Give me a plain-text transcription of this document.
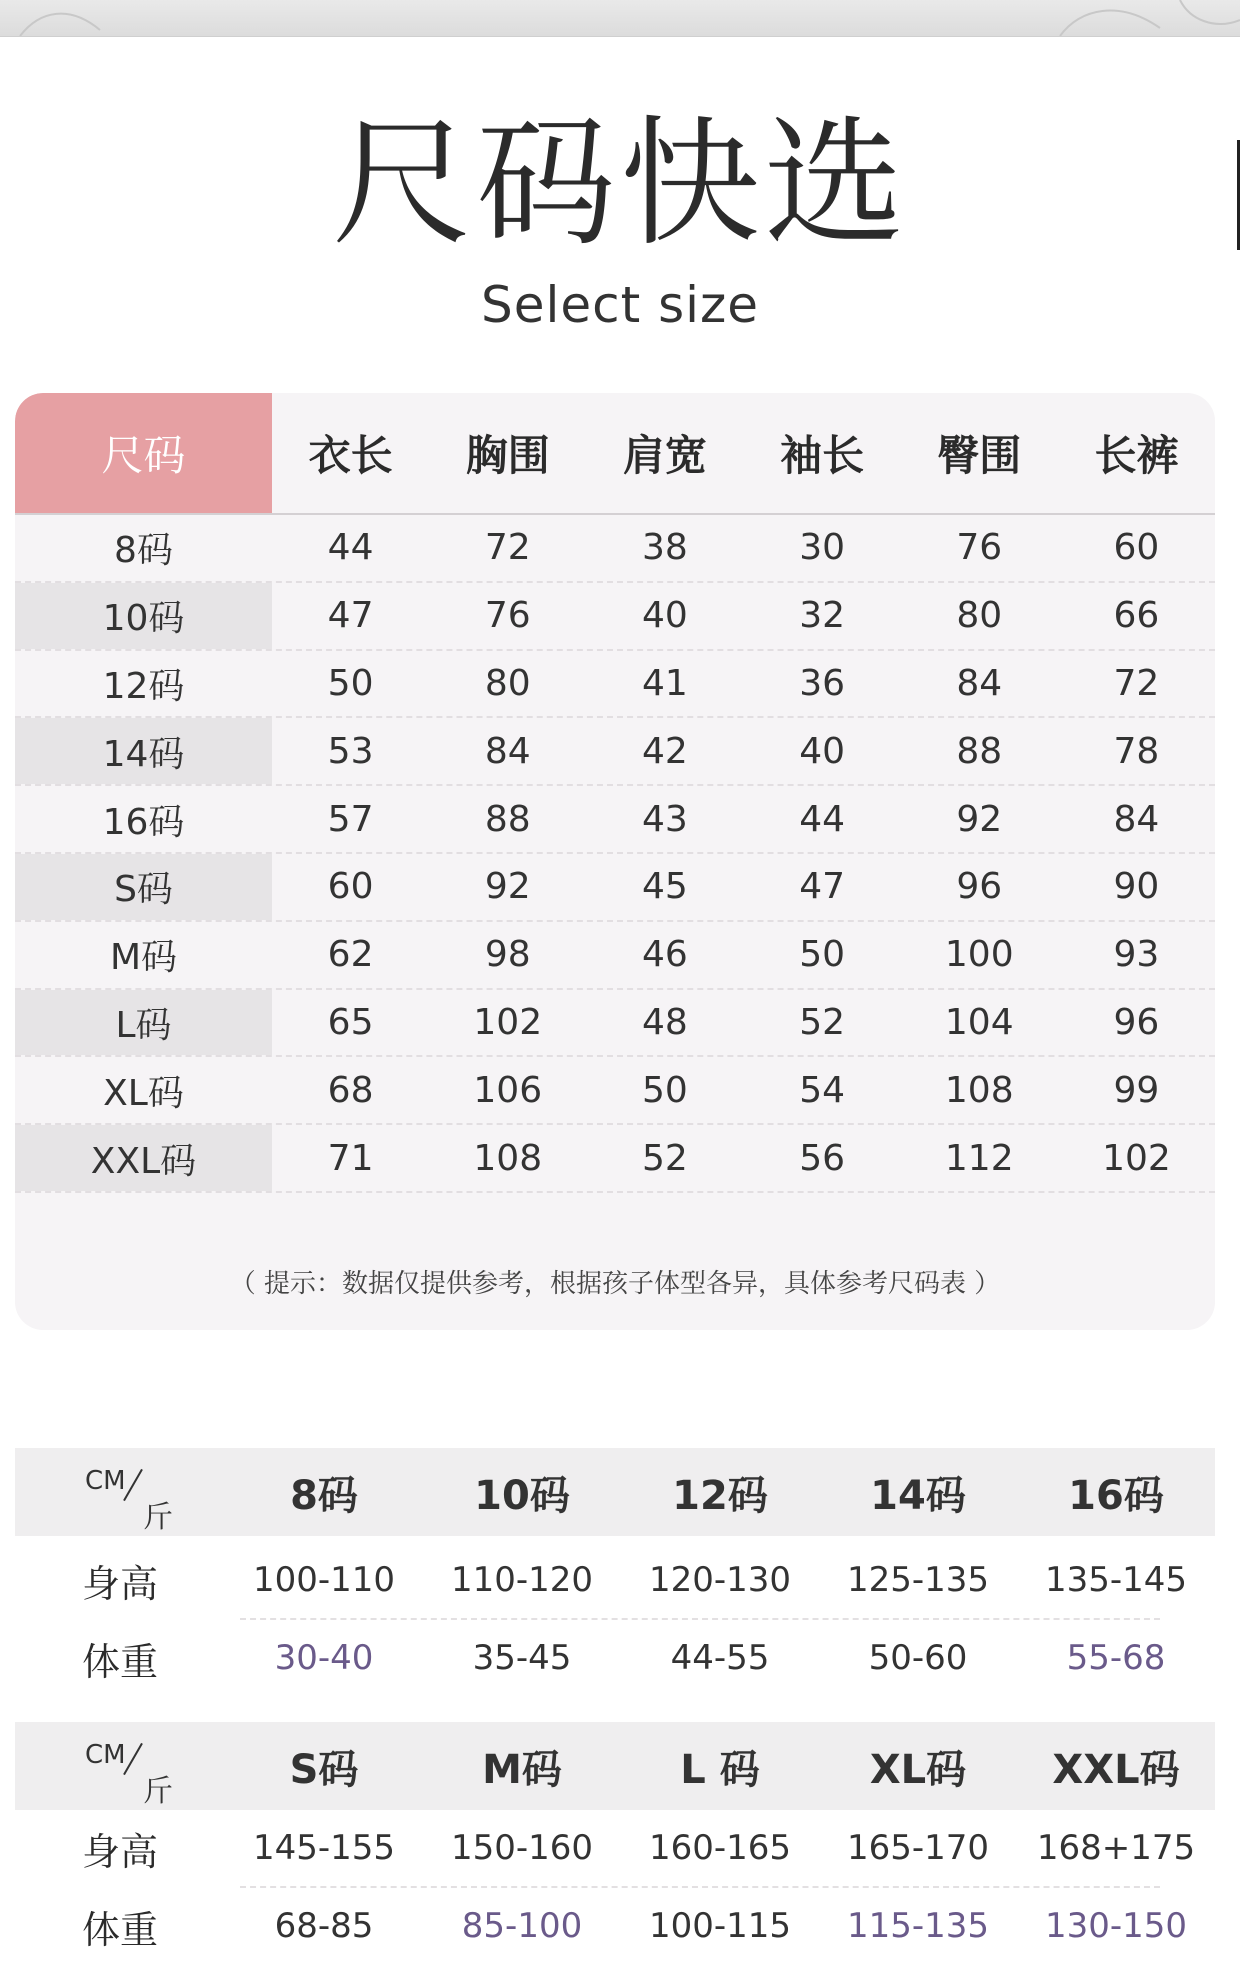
尺码快选
Select size
尺码	衣长	胸围	肩宽	袖长	臀围	长裤
8码	44	72	38	30	76	60
10码	47	76	40	32	80	66
12码	50	80	41	36	84	72
14码	53	84	42	40	88	78
16码	57	88	43	44	92	84
S码	60	92	45	47	96	90
M码	62	98	46	50	100	93
L码	65	102	48	52	104	96
XL码	68	106	50	54	108	99
XXL码	71	108	52	56	112	102
（ 提示：数据仅提供参考，根据孩子体型各异，具体参考尺码表 ）
CM
斤	8码	10码	12码	14码	16码
身高	100-110	110-120	120-130	125-135	135-145
体重	30-40	35-45	44-55	50-60	55-68
CM
斤	S码	M码	L 码	XL码	XXL码
身高	145-155	150-160	160-165	165-170	168+175
体重	68-85	85-100	100-115	115-135	130-150
